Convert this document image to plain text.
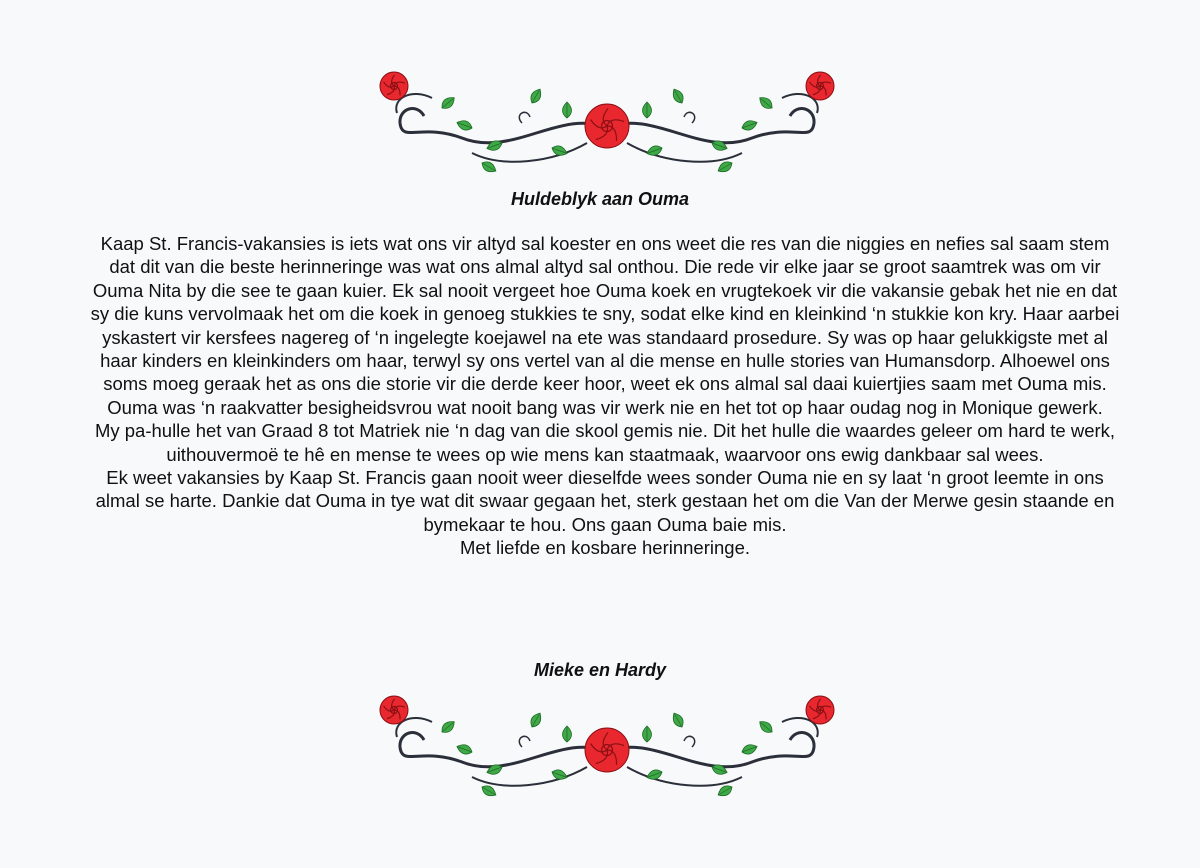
Huldeblyk aan Ouma

Kaap St. Francis-vakansies is iets wat ons vir altyd sal koester en ons weet die res van die niggies en nefies sal saam stem dat dit van die beste herinneringe was wat ons almal altyd sal onthou. Die rede vir elke jaar se groot saamtrek was om vir Ouma Nita by die see te gaan kuier. Ek sal nooit vergeet hoe Ouma koek en vrugtekoek vir die vakansie gebak het nie en dat sy die kuns vervolmaak het om die koek in genoeg stukkies te sny, sodat elke kind en kleinkind ‘n stukkie kon kry. Haar aarbei yskastert vir kersfees nagereg of ‘n ingelegte koejawel na ete was standaard prosedure. Sy was op haar gelukkigste met al haar kinders en kleinkinders om haar, terwyl sy ons vertel van al die mense en hulle stories van Humansdorp. Alhoewel ons soms moeg geraak het as ons die storie vir die derde keer hoor, weet ek ons almal sal daai kuiertjies saam met Ouma mis. Ouma was ‘n raakvatter besigheidsvrou wat nooit bang was vir werk nie en het tot op haar oudag nog in Monique gewerk.

My pa-hulle het van Graad 8 tot Matriek nie ‘n dag van die skool gemis nie. Dit het hulle die waardes geleer om hard te werk, uithouvermoë te hê en mense te wees op wie mens kan staatmaak, waarvoor ons ewig dankbaar sal wees.

Ek weet vakansies by Kaap St. Francis gaan nooit weer dieselfde wees sonder Ouma nie en sy laat ‘n groot leemte in ons almal se harte. Dankie dat Ouma in tye wat dit swaar gegaan het, sterk gestaan het om die Van der Merwe gesin staande en bymekaar te hou. Ons gaan Ouma baie mis.

Met liefde en kosbare herinneringe.

Mieke en Hardy
